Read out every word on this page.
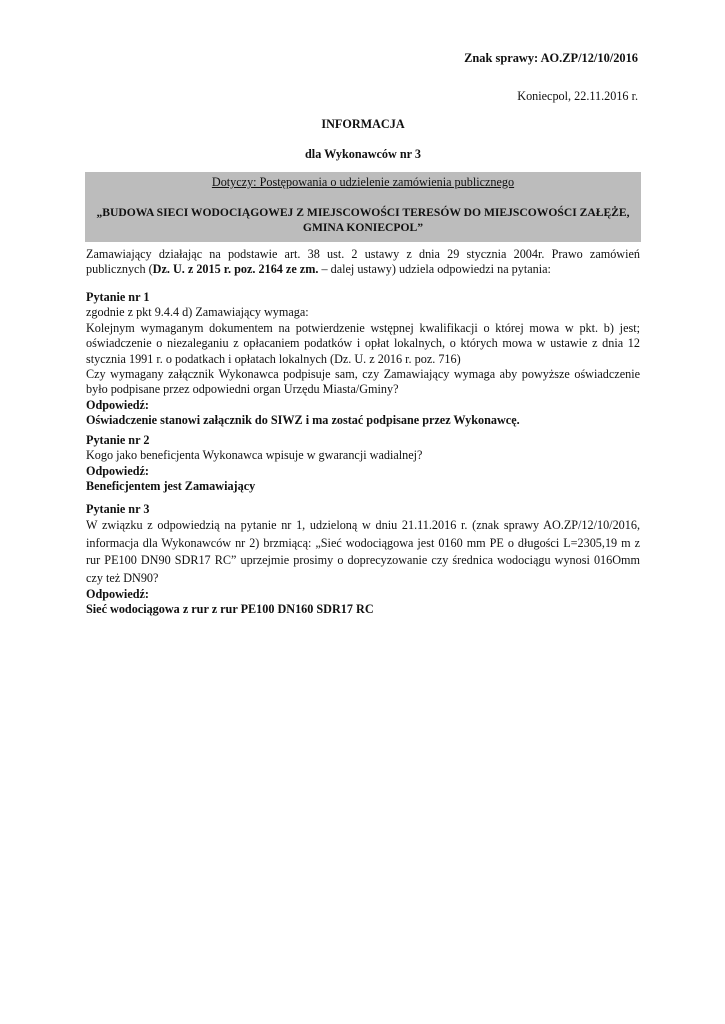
Znak sprawy: AO.ZP/12/10/2016
Koniecpol, 22.11.2016 r.
INFORMACJA
dla Wykonawców nr 3
Dotyczy: Postępowania o udzielenie zamówienia publicznego
„BUDOWA SIECI WODOCIĄGOWEJ Z MIEJSCOWOŚCI TERESÓW DO MIEJSCOWOŚCI ZAŁĘŻE, GMINA KONIECPOL”
Zamawiający działając na podstawie art. 38 ust. 2 ustawy z dnia 29 stycznia 2004r. Prawo zamówień publicznych (Dz. U. z 2015 r. poz. 2164 ze zm. – dalej ustawy) udziela odpowiedzi na pytania:

Pytanie nr 1

zgodnie z pkt 9.4.4 d) Zamawiający wymaga:

Kolejnym wymaganym dokumentem na potwierdzenie wstępnej kwalifikacji o której mowa w pkt. b) jest; oświadczenie o niezaleganiu z opłacaniem podatków i opłat lokalnych, o których mowa w ustawie z dnia 12 stycznia 1991 r. o podatkach i opłatach lokalnych (Dz. U. z 2016 r. poz. 716)

Czy wymagany załącznik Wykonawca podpisuje sam, czy Zamawiający wymaga aby powyższe oświadczenie było podpisane przez odpowiedni organ Urzędu Miasta/Gminy?

Odpowiedź:

Oświadczenie stanowi załącznik do SIWZ i ma zostać podpisane przez Wykonawcę.

Pytanie nr 2

Kogo jako beneficjenta Wykonawca wpisuje w gwarancji wadialnej?

Odpowiedź:

Beneficjentem jest Zamawiający

Pytanie nr 3

W związku z odpowiedzią na pytanie nr 1, udzieloną w dniu 21.11.2016 r. (znak sprawy AO.ZP/12/10/2016, informacja dla Wykonawców nr 2) brzmiącą: „Sieć wodociągowa jest 0160 mm PE o długości L=2305,19 m z rur PE100 DN90 SDR17 RC” uprzejmie prosimy o doprecyzowanie czy średnica wodociągu wynosi 016Omm czy też DN90?

Odpowiedź:

Sieć wodociągowa z rur z rur PE100 DN160 SDR17 RC
